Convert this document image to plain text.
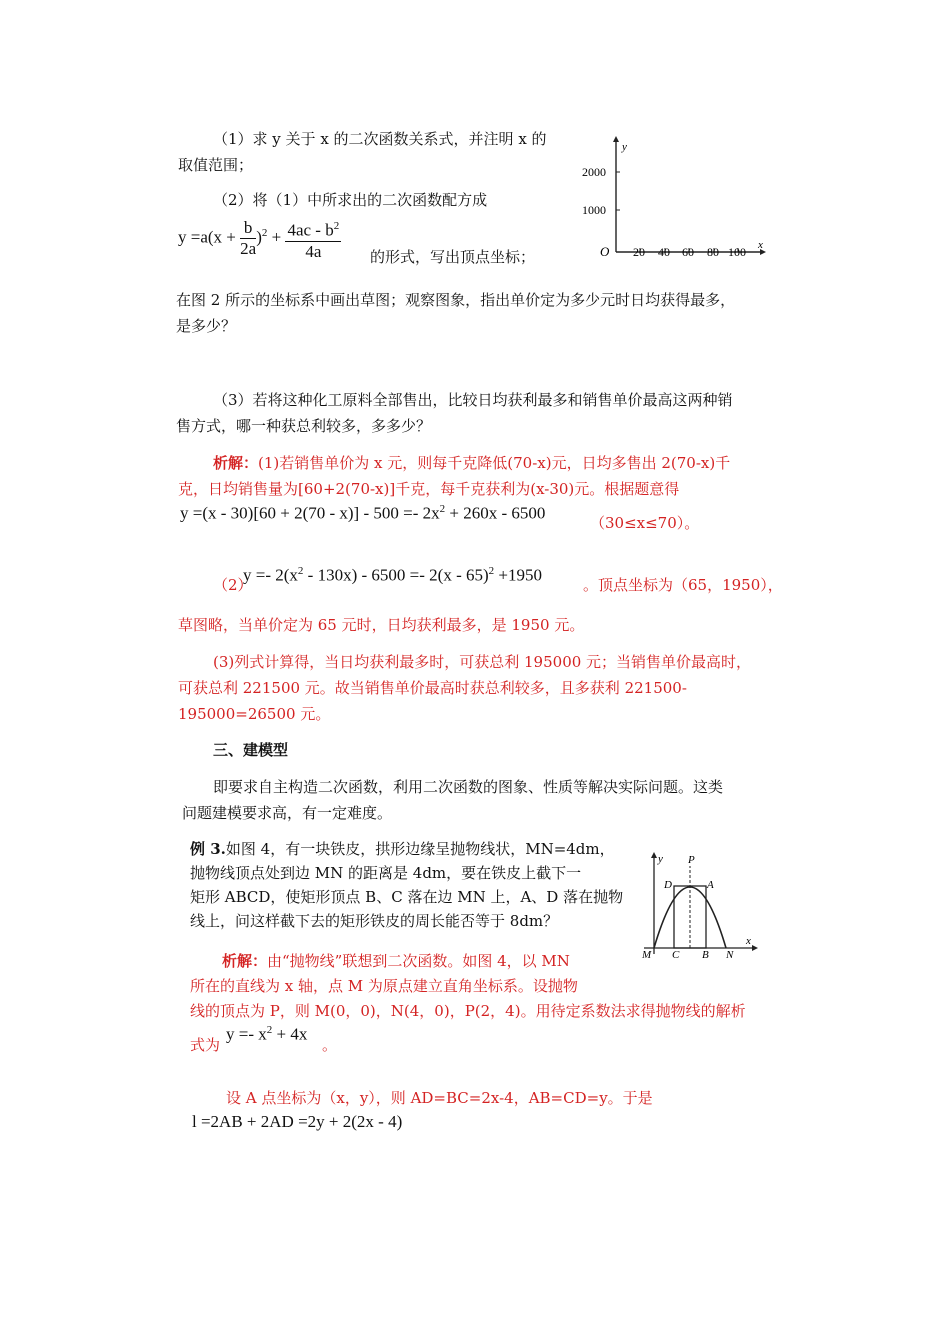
（1）求 y 关于 x 的二次函数关系式，并注明 x 的
取值范围；
（2）将（1）中所求出的二次函数配方成
$y =a(x + \frac{b}{2a} )^2 + \frac{4ac - b^2}{4a}$ 的形式，写出顶点坐标；
在图 2 所示的坐标系中画出草图；观察图象，指出单价定为多少元时日均获得最多，
是多少？
y
x
O
2000
1000
20 40 60 80 100
（3）若将这种化工原料全部售出，比较日均获利最多和销售单价最高这两种销
售方式，哪一种获总利较多，多多少？
析解：(1)若销售单价为 x 元，则每千克降低(70-x)元，日均多售出 2(70-x)千
克，日均销售量为[60+2(70-x)]千克，每千克获利为(x-30)元。根据题意得
$y =(x - 30)[60 + 2(70 - x)] - 500 =- 2x^2 + 260x - 6500$
（30≤x≤70）。
（2）
$y =- 2(x^2 - 130x) - 6500 =- 2(x - 65)^2 +1950$
。顶点坐标为（65，1950），
草图略，当单价定为 65 元时，日均获利最多，是 1950 元。
(3)列式计算得，当日均获利最多时，可获总利 195000 元；当销售单价最高时，
可获总利 221500 元。故当销售单价最高时获总利较多，且多获利 221500-
195000=26500 元。
三、建模型
即要求自主构造二次函数，利用二次函数的图象、性质等解决实际问题。这类
问题建模要求高，有一定难度。
例 3.如图 4，有一块铁皮，拱形边缘呈抛物线状，MN=4dm，
抛物线顶点处到边 MN 的距离是 4dm，要在铁皮上截下一
矩形 ABCD，使矩形顶点 B、C 落在边 MN 上，A、D 落在抛物
线上，问这样截下去的矩形铁皮的周长能否等于 8dm？
y
x
P
D	A
M C B N
析解：由“抛物线”联想到二次函数。如图 4，以 MN
所在的直线为 x 轴，点 M 为原点建立直角坐标系。设抛物
线的顶点为 P，则 M(0，0)，N(4，0)，P(2，4)。用待定系数法求得抛物线的解析
式为
$y =- x^2 + 4x$
。
设 A 点坐标为（x，y），则 AD=BC=2x-4，AB=CD=y。于是
l =2AB + 2AD =2y + 2(2x - 4)
